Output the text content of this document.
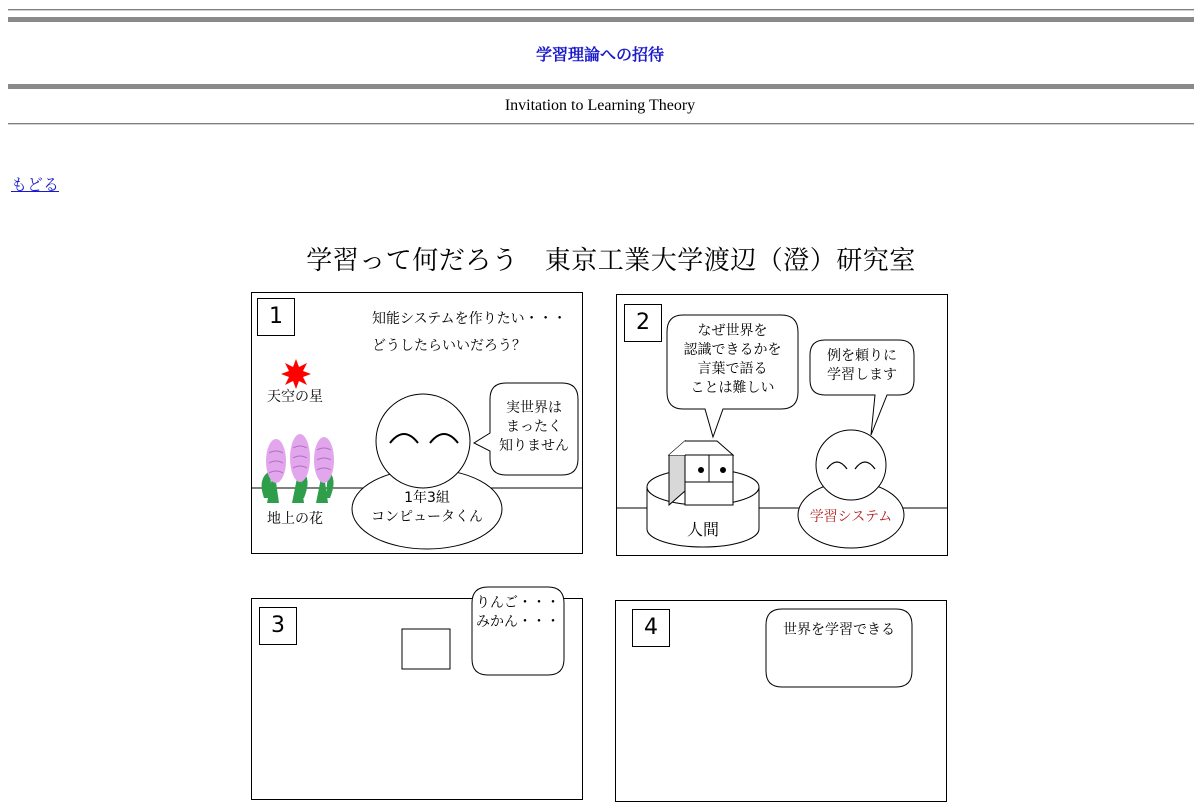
学習理論への招待
Invitation to Learning Theory
もどる
学習って何だろう　東京工業大学渡辺（澄）研究室
1	知能システムを作りたい・・・
どうしたらいいだろう？
天空の星
地上の花
実世界は
まったく
知りません
1年3組
コンピュータくん
2	なぜ世界を
認識できるかを
言葉で語る
ことは難しい
例を頼りに
学習します
人間
学習システム
3
りんご・・・
みかん・・・	4	世界を学習できる
